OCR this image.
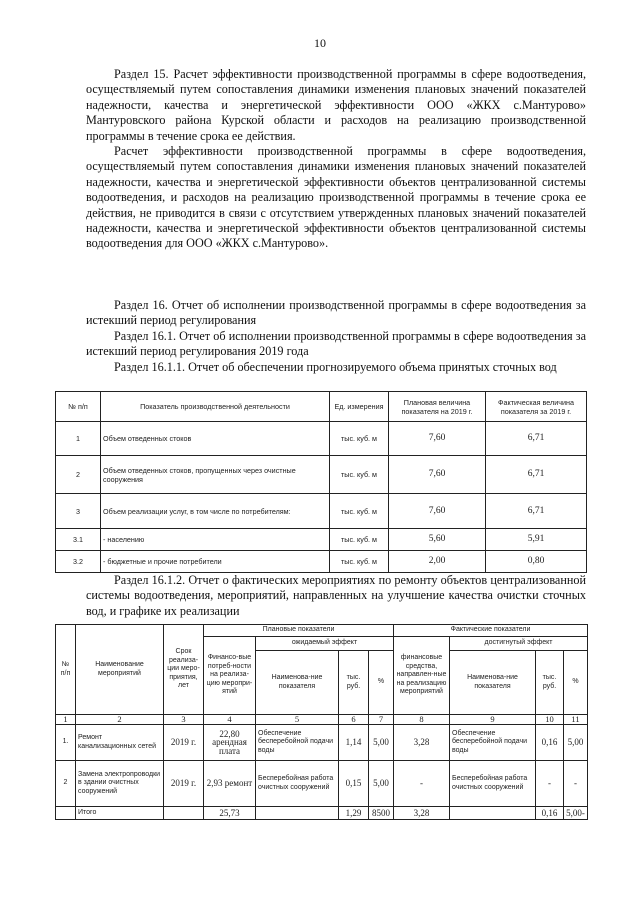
10

Раздел 15. Расчет эффективности производственной программы в сфере водоотведения, осуществляемый путем сопоставления динамики изменения плановых значений показателей надежности, качества и энергетической эффективности ООО «ЖКХ с.Мантурово» Мантуровского района Курской области и расходов на реализацию производственной программы в течение срока ее действия.

Расчет эффективности производственной программы в сфере водоотведения, осуществляемый путем сопоставления динамики изменения плановых значений показателей надежности, качества и энергетической эффективности объектов централизованной системы водоотведения, и расходов на реализацию производственной программы в течение срока ее действия, не приводится в связи с отсутствием утвержденных плановых значений показателей надежности, качества и энергетической эффективности объектов централизованной системы водоотведения для ООО «ЖКХ с.Мантурово».

Раздел 16. Отчет об исполнении производственной программы в сфере водоотведения за истекший период регулирования

Раздел 16.1. Отчет об исполнении производственной программы в сфере водоотведения за истекший период регулирования 2019 года

Раздел 16.1.1. Отчет об обеспечении прогнозируемого объема принятых сточных вод

№ п/п	Показатель производственной деятельности	Ед. измерения	Плановая величина показателя на 2019 г.	Фактическая величина показателя за 2019 г.
1	Объем отведенных стоков	тыс. куб. м	7,60	6,71
2	Объем отведенных стоков, пропущенных через очистные сооружения	тыс. куб. м	7,60	6,71
3	Объем реализации услуг, в том числе по потребителям:	тыс. куб. м	7,60	6,71
3.1	- населению	тыс. куб. м	5,60	5,91
3.2	- бюджетные и прочие потребители	тыс. куб. м	2,00	0,80

Раздел 16.1.2. Отчет о фактических мероприятиях по ремонту объектов централизованной системы водоотведения, мероприятий, направленных на улучшение качества очистки сточных вод, и графике их реализации

№ п/п	Наименование мероприятий	Срок реализа-ции меро-приятия, лет	Плановые показатели				Фактические показатели			
			Финансо-вые потреб-ности на реализа-цию меропри-ятий	ожидаемый эффект			финансовые средства, направлен-ные на реализацию мероприятий	достигнутый эффект		
				Наименова-ние показателя	тыс. руб.	%		Наименова-ние показателя	тыс. руб.	%
1	2	3	4	5	6	7	8	9	10	11
1.	Ремонт канализационных сетей	2019 г.	22,80 арендная плата	Обеспечение бесперебойной подачи воды	1,14	5,00	3,28	Обеспечение бесперебойной подачи воды	0,16	5,00
2	Замена электропроводки в здании очистных сооружений	2019 г.	2,93 ремонт	Бесперебойная работа очистных сооружений	0,15	5,00	-	Бесперебойная работа очистных сооружений	-	-
	Итого		25,73		1,29	8500	3,28		0,16	5,00-
